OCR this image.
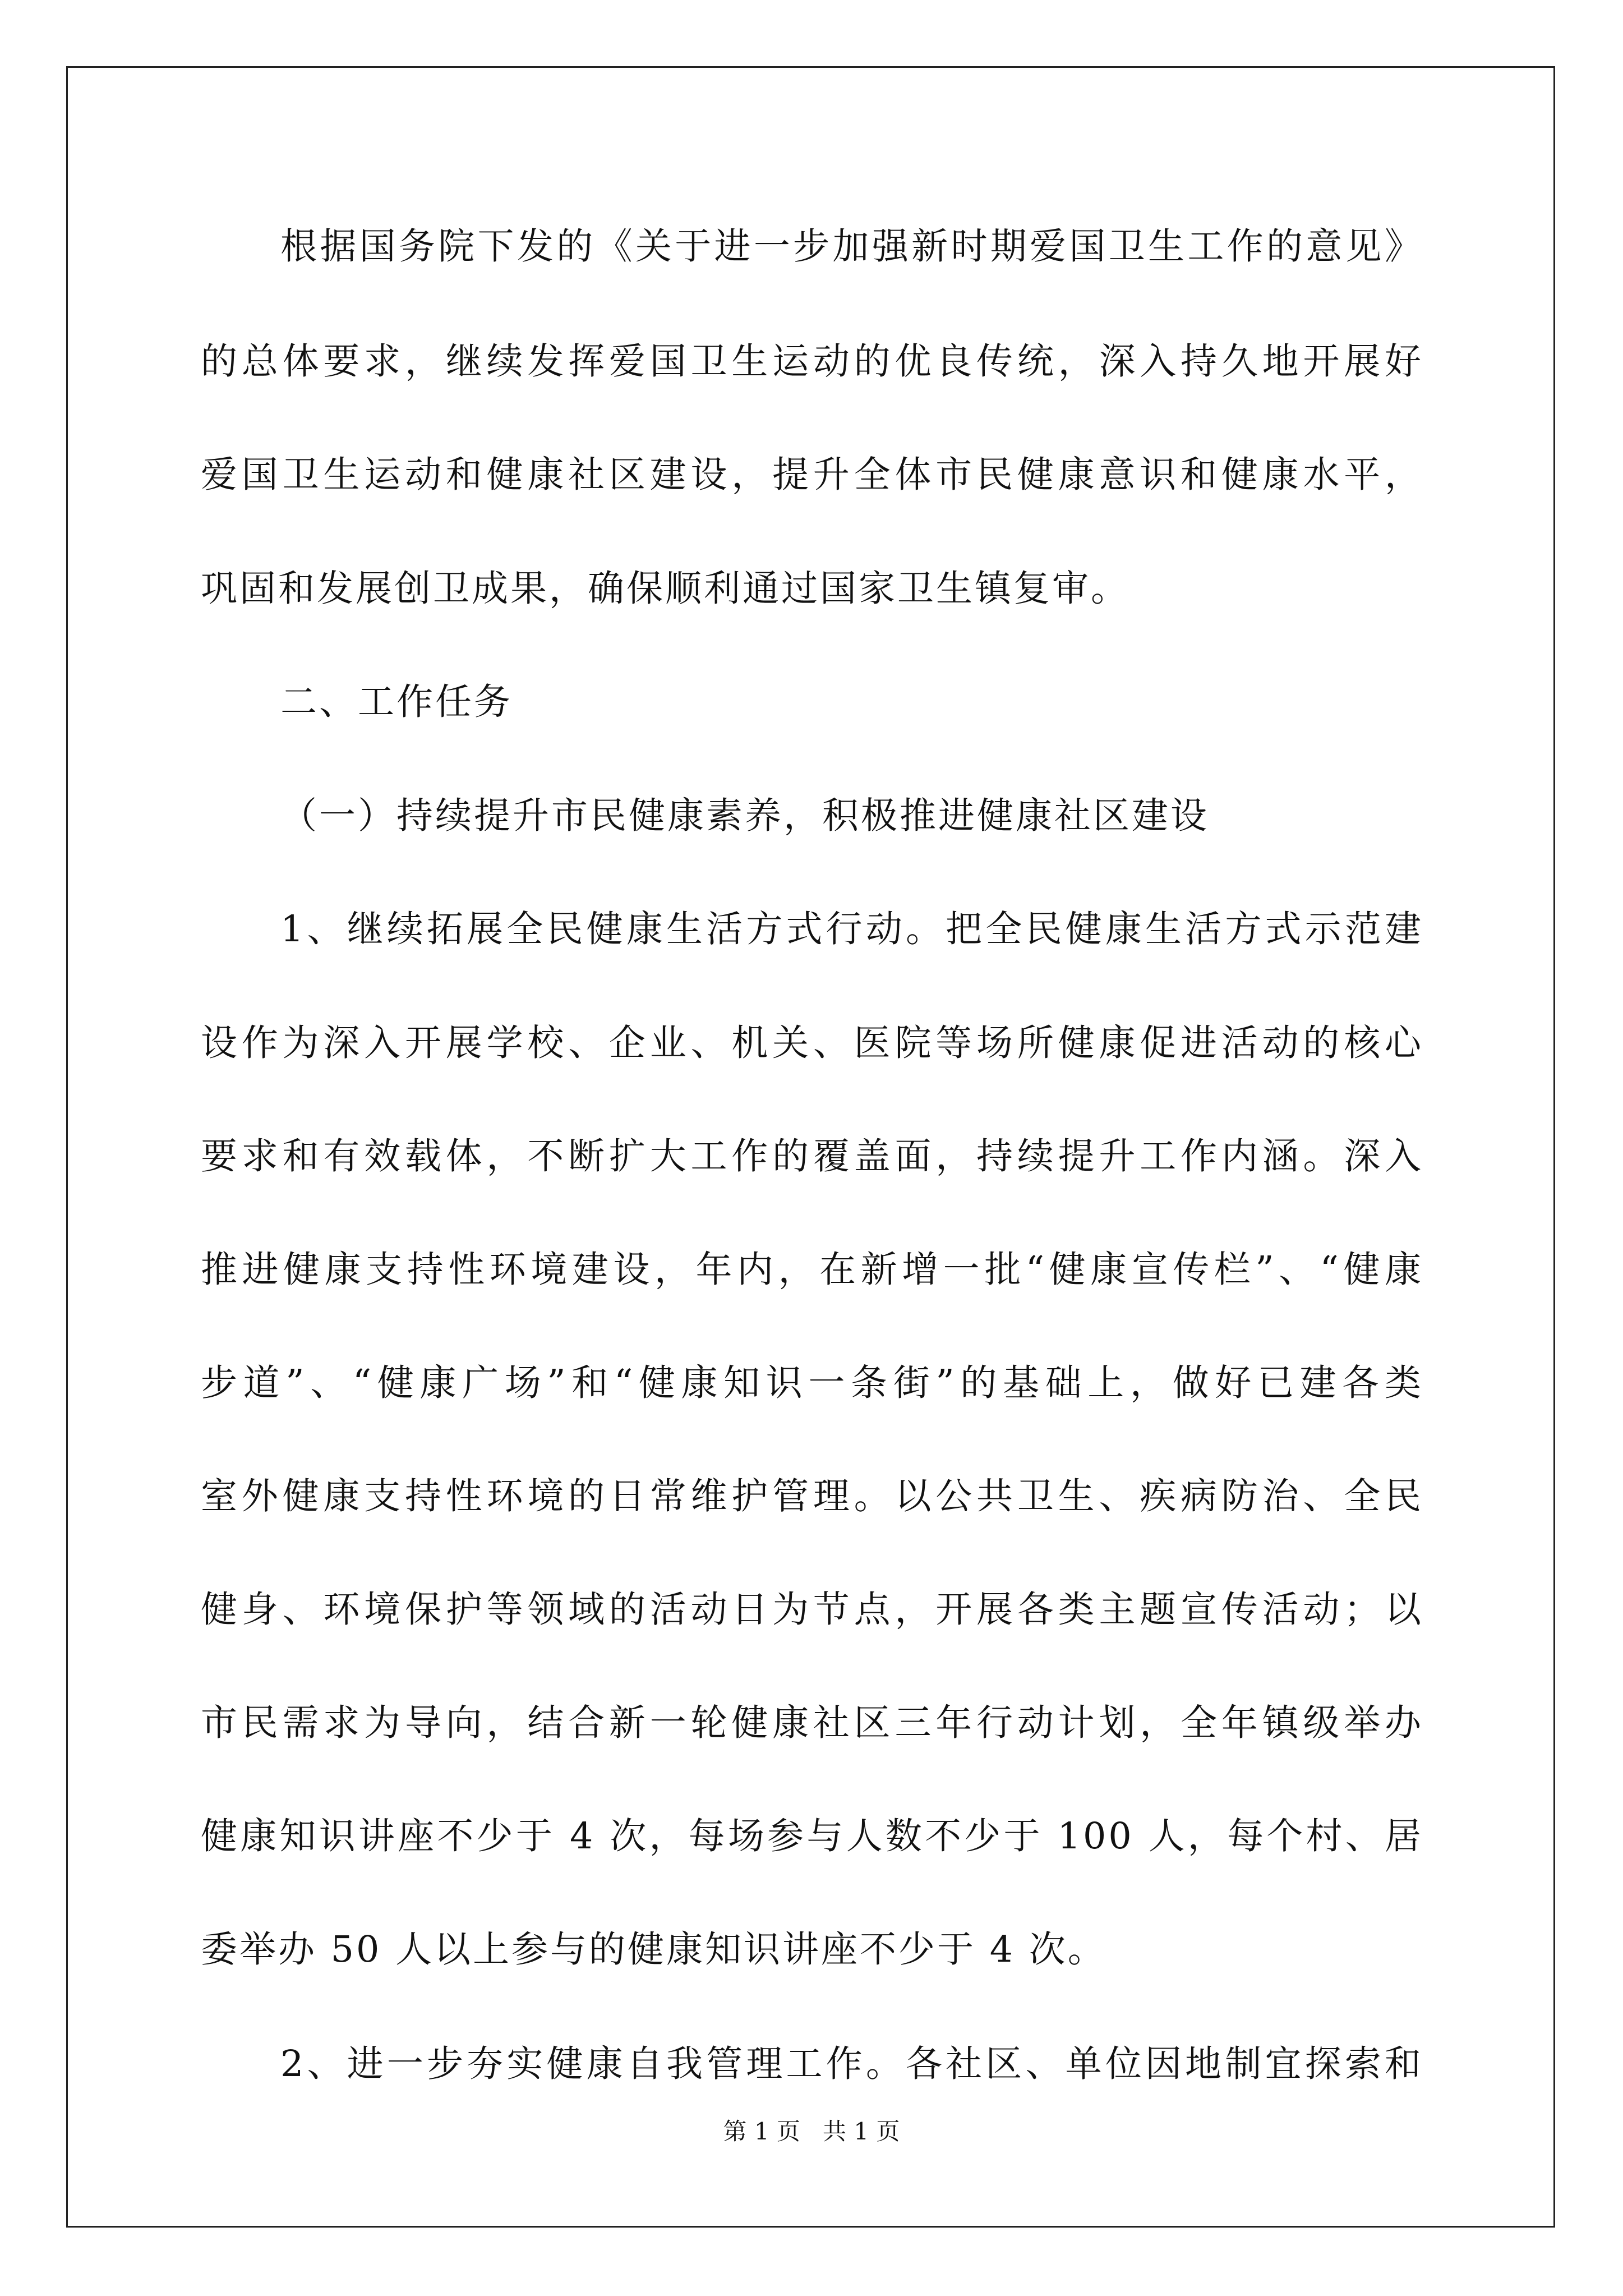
根据国务院下发的《关于进一步加强新时期爱国卫生工作的意见》
的总体要求，继续发挥爱国卫生运动的优良传统，深入持久地开展好
爱国卫生运动和健康社区建设，提升全体市民健康意识和健康水平，
巩固和发展创卫成果，确保顺利通过国家卫生镇复审。
二、工作任务
（一）持续提升市民健康素养，积极推进健康社区建设
1、继续拓展全民健康生活方式行动。把全民健康生活方式示范建
设作为深入开展学校、企业、机关、医院等场所健康促进活动的核心
要求和有效载体，不断扩大工作的覆盖面，持续提升工作内涵。深入
推进健康支持性环境建设，年内，在新增一批“健康宣传栏”、“健康
步道”、“健康广场”和“健康知识一条街”的基础上，做好已建各类
室外健康支持性环境的日常维护管理。以公共卫生、疾病防治、全民
健身、环境保护等领域的活动日为节点，开展各类主题宣传活动；以
市民需求为导向，结合新一轮健康社区三年行动计划，全年镇级举办
健康知识讲座不少于 4 次，每场参与人数不少于 100 人，每个村、居
委举办 50 人以上参与的健康知识讲座不少于 4 次。
2、进一步夯实健康自我管理工作。各社区、单位因地制宜探索和
第 1 页 共 1 页
